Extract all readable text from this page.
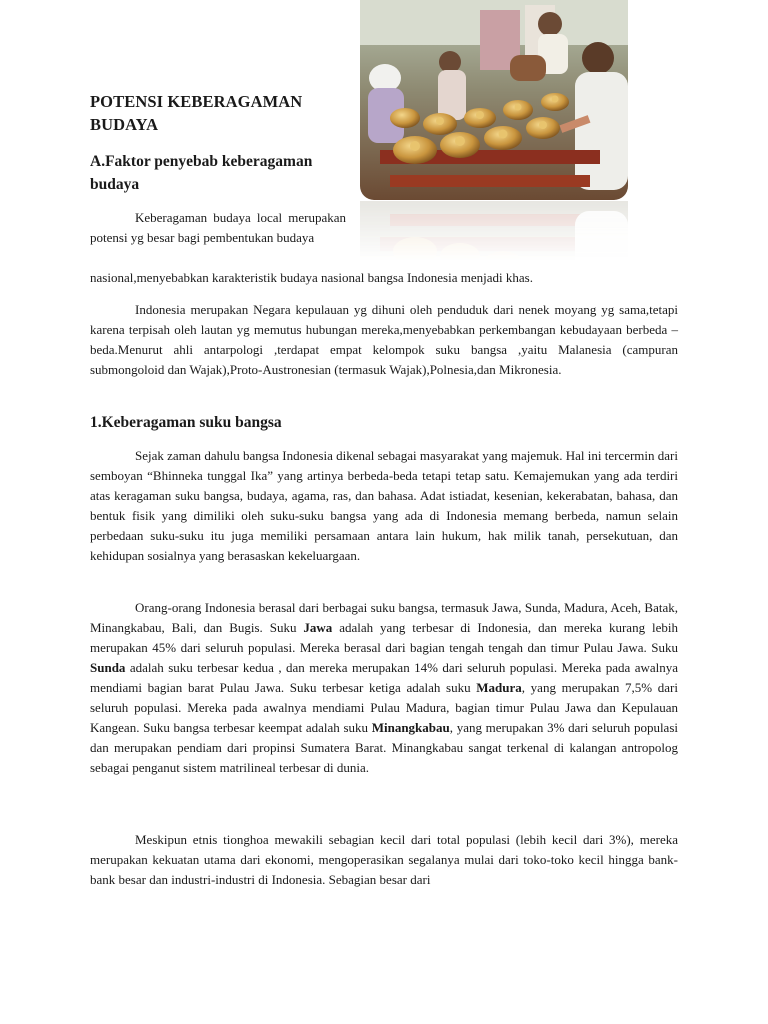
POTENSI KEBERAGAMAN BUDAYA
A.Faktor penyebab keberagaman budaya

Keberagaman budaya local merupakan potensi yg besar bagi pembentukan budaya

nasional,menyebabkan karakteristik budaya nasional bangsa Indonesia menjadi khas.

Indonesia merupakan Negara kepulauan yg dihuni oleh penduduk dari nenek moyang yg sama,tetapi karena terpisah oleh lautan yg memutus hubungan mereka,menyebabkan perkembangan kebudayaan berbeda – beda.Menurut ahli antarpologi ,terdapat empat kelompok suku bangsa ,yaitu Malanesia (campuran submongoloid dan Wajak),Proto-Austronesian (termasuk Wajak),Polnesia,dan Mikronesia.

1.Keberagaman suku bangsa

Sejak zaman dahulu bangsa Indonesia dikenal sebagai masyarakat yang majemuk. Hal ini tercermin dari semboyan “Bhinneka tunggal Ika” yang artinya berbeda-beda tetapi tetap satu. Kemajemukan yang ada terdiri atas keragaman suku bangsa, budaya, agama, ras, dan bahasa. Adat istiadat, kesenian, kekerabatan, bahasa, dan bentuk fisik yang dimiliki oleh suku-suku bangsa yang ada di Indonesia memang berbeda, namun selain perbedaan suku-suku itu juga memiliki persamaan antara lain hukum, hak milik tanah, persekutuan, dan kehidupan sosialnya yang berasaskan kekeluargaan.

Orang-orang Indonesia berasal dari berbagai suku bangsa, termasuk Jawa, Sunda, Madura, Aceh, Batak, Minangkabau, Bali, dan Bugis. Suku Jawa adalah yang terbesar di Indonesia, dan mereka kurang lebih merupakan 45% dari seluruh populasi. Mereka berasal dari bagian tengah tengah dan timur Pulau Jawa. Suku Sunda adalah suku terbesar kedua , dan mereka merupakan 14% dari seluruh populasi. Mereka pada awalnya mendiami bagian barat Pulau Jawa. Suku terbesar ketiga adalah suku Madura, yang merupakan 7,5% dari seluruh populasi. Mereka pada awalnya mendiami Pulau Madura, bagian timur Pulau Jawa dan Kepulauan Kangean. Suku bangsa terbesar keempat adalah suku Minangkabau, yang merupakan 3% dari seluruh populasi dan merupakan pendiam dari propinsi Sumatera Barat. Minangkabau sangat terkenal di kalangan antropolog sebagai penganut sistem matrilineal terbesar di dunia.

Meskipun etnis tionghoa mewakili sebagian kecil dari total populasi (lebih kecil dari 3%), mereka merupakan kekuatan utama dari ekonomi, mengoperasikan segalanya mulai dari toko-toko kecil hingga bank-bank besar dan industri-industri di Indonesia. Sebagian besar dari
